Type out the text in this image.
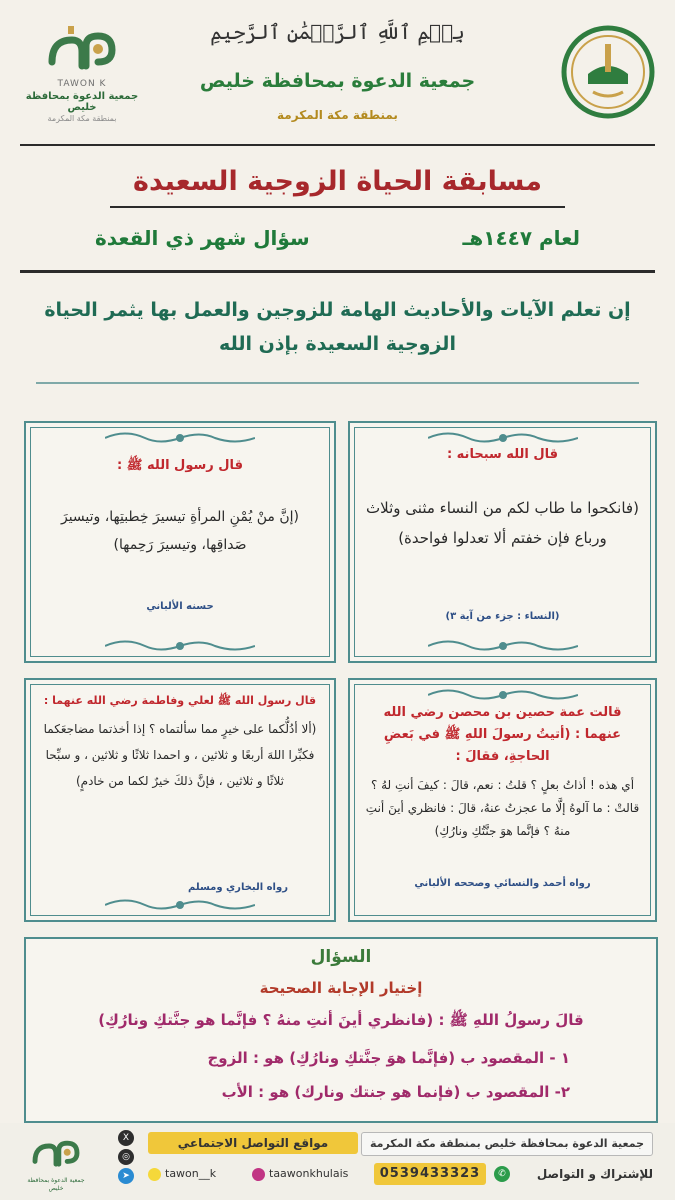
TAWON K
جمعية الدعوة بمحافظة خليص
بمنطقة مكة المكرمة
بِسۡمِ ٱللَّهِ ٱلرَّحۡمَٰنِ ٱلرَّحِيمِ
جمعية الدعوة بمحافظة خليص
بمنطقة مكة المكرمة
مسابقة الحياة الزوجية السعيدة
لعام ١٤٤٧هـ
سؤال شهر ذي القعدة
إن تعلم الآيات والأحاديث الهامة للزوجين والعمل بها يثمر الحياة الزوجية السعيدة بإذن الله
قال الله سبحانه :
(فانكحوا ما طاب لكم من النساء مثنى وثلاث ورباع فإن خفتم ألا تعدلوا فواحدة)
(النساء : جزء من آية ٣)
قال رسول الله ﷺ :
(إنَّ منْ يُمْنِ المرأةِ تيسيرَ خِطبتِها، وتيسيرَ صَداقِها، وتيسيرَ رَحِمها)
حسنه الألباني
قالت عمة حصين بن محصن رضي الله عنهما : (أتيتُ رسولَ اللهِ ﷺ في بَعضِ الحاجةِ، فقالَ :
أي هذه ! أذاتُ بعلٍ ؟ قلتُ : نعم، قالَ : كيفَ أنتِ لهُ ؟ قالتْ : ما آلوهُ إلَّا ما عجزتُ عنهُ، قالَ : فانظري أينَ أنتِ منهُ ؟ فإنَّما هوَ جنَّتُكِ ونارُكِ)
رواه أحمد والنسائي وصححه الألباني
قال رسول الله ﷺ لعلي وفاطمة رضي الله عنهما :
(ألا أدُلُّكما على خيرٍ مما سألتماه ؟ إذا أخذتما مضاجعَكما فكبِّرا اللهَ أربعًا و ثلاثين ، و احمدا ثلاثًا و ثلاثين ، و سبِّحا ثلاثًا و ثلاثين ، فإنَّ ذلكَ خيرٌ لكما من خادمٍ)
رواه البخاري ومسلم
السؤال
إختيار الإجابة الصحيحة
قالَ رسولُ اللهِ ﷺ : (فانظري أينَ أنتِ منهُ ؟ فإنَّما هو جنَّتكِ ونارُكِ)
١ - المقصود ب (فإنَّما هوَ جنَّتكِ ونارُكِ) هو : الزوج
٢- المقصود ب (فإنما هو جنتك ونارك) هو : الأب
جمعية الدعوة بمحافظة خليص
X
◎
➤
مواقع التواصل الاجتماعي
tawon__k	taawonkhulais
جمعية الدعوة بمحافظة خليص بمنطقة مكة المكرمة
0539433323	✆	للإشتراك و التواصل
